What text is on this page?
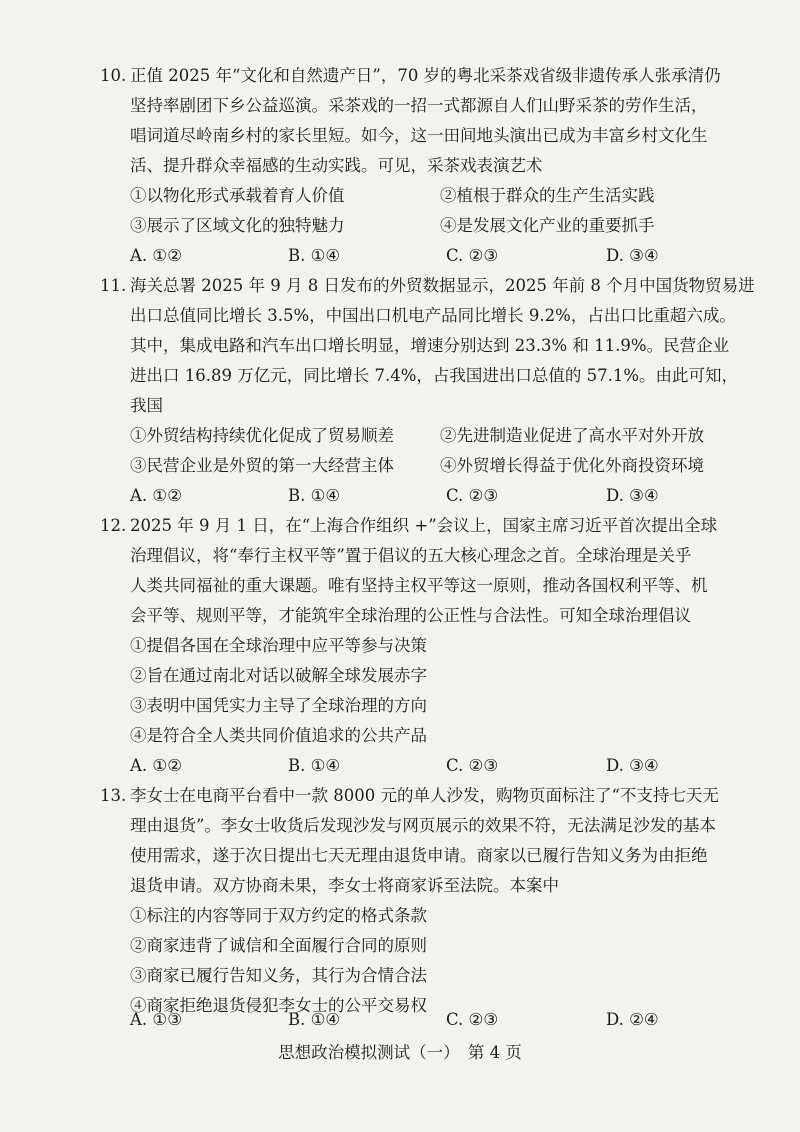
10. 正值 2025 年“文化和自然遗产日”，70 岁的粤北采茶戏省级非遗传承人张承清仍
坚持率剧团下乡公益巡演。采茶戏的一招一式都源自人们山野采茶的劳作生活，
唱词道尽岭南乡村的家长里短。如今，这一田间地头演出已成为丰富乡村文化生
活、提升群众幸福感的生动实践。可见，采茶戏表演艺术
①以物化形式承载着育人价值	②植根于群众的生产生活实践
③展示了区域文化的独特魅力	④是发展文化产业的重要抓手
A. ①②	B. ①④	C. ②③	D. ③④
11. 海关总署 2025 年 9 月 8 日发布的外贸数据显示，2025 年前 8 个月中国货物贸易进
出口总值同比增长 3.5%，中国出口机电产品同比增长 9.2%，占出口比重超六成。
其中，集成电路和汽车出口增长明显，增速分别达到 23.3% 和 11.9%。民营企业
进出口 16.89 万亿元，同比增长 7.4%，占我国进出口总值的 57.1%。由此可知，
我国
①外贸结构持续优化促成了贸易顺差	②先进制造业促进了高水平对外开放
③民营企业是外贸的第一大经营主体	④外贸增长得益于优化外商投资环境
A. ①②	B. ①④	C. ②③	D. ③④
12. 2025 年 9 月 1 日，在“上海合作组织 +”会议上，国家主席习近平首次提出全球
治理倡议，将“奉行主权平等”置于倡议的五大核心理念之首。全球治理是关乎
人类共同福祉的重大课题。唯有坚持主权平等这一原则，推动各国权利平等、机
会平等、规则平等，才能筑牢全球治理的公正性与合法性。可知全球治理倡议
①提倡各国在全球治理中应平等参与决策
②旨在通过南北对话以破解全球发展赤字
③表明中国凭实力主导了全球治理的方向
④是符合全人类共同价值追求的公共产品
A. ①②	B. ①④	C. ②③	D. ③④
13. 李女士在电商平台看中一款 8000 元的单人沙发，购物页面标注了“不支持七天无
理由退货”。李女士收货后发现沙发与网页展示的效果不符，无法满足沙发的基本
使用需求，遂于次日提出七天无理由退货申请。商家以已履行告知义务为由拒绝
退货申请。双方协商未果，李女士将商家诉至法院。本案中
①标注的内容等同于双方约定的格式条款
②商家违背了诚信和全面履行合同的原则
③商家已履行告知义务，其行为合情合法
④商家拒绝退货侵犯李女士的公平交易权
A. ①③	B. ①④	C. ②③	D. ②④
思想政治模拟测试（一）　第 4 页
